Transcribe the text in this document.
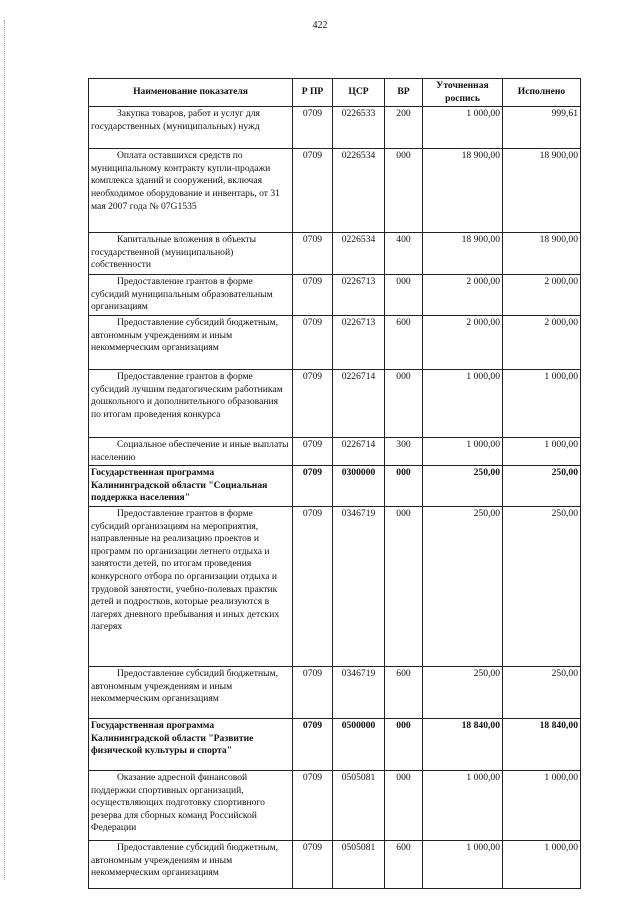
422
Наименование показателя	Р ПР	ЦСР	ВР	Уточненная роспись	Исполнено
Закупка товаров, работ и услуг для государственных (муниципальных) нужд	0709	0226533	200	1 000,00	999,61
Оплата оставшихся средств по муниципальному контракту купли-продажи комплекса зданий и сооружений, включая необходимое оборудование и инвентарь, от 31 мая 2007 года № 07G1535	0709	0226534	000	18 900,00	18 900,00
Капитальные вложения в объекты государственной (муниципальной) собственности	0709	0226534	400	18 900,00	18 900,00
Предоставление грантов в форме субсидий муниципальным образовательным организациям	0709	0226713	000	2 000,00	2 000,00
Предоставление субсидий бюджетным, автономным учреждениям и иным некоммерческим организациям	0709	0226713	600	2 000,00	2 000,00
Предоставление грантов в форме субсидий лучшим педагогическим работникам дошкольного и дополнительного образования по итогам проведения конкурса	0709	0226714	000	1 000,00	1 000,00
Социальное обеспечение и иные выплаты населению	0709	0226714	300	1 000,00	1 000,00
Государственная программа Калининградской области "Социальная поддержка населения"	0709	0300000	000	250,00	250,00
Предоставление грантов в форме субсидий организациям на мероприятия, направленные на реализацию проектов и программ по организации летнего отдыха и занятости детей, по итогам проведения конкурсного отбора по организации отдыха и трудовой занятости, учебно-полевых практик детей и подростков, которые реализуются в лагерях дневного пребывания и иных детских лагерях	0709	0346719	000	250,00	250,00
Предоставление субсидий бюджетным, автономным учреждениям и иным некоммерческим организациям	0709	0346719	600	250,00	250,00
Государственная программа Калининградской области "Развитие физической культуры и спорта"	0709	0500000	000	18 840,00	18 840,00
Оказание адресной финансовой поддержки спортивных организаций, осуществляющих подготовку спортивного резерва для сборных команд Российской Федерации	0709	0505081	000	1 000,00	1 000,00
Предоставление субсидий бюджетным, автономным учреждениям и иным некоммерческим организациям	0709	0505081	600	1 000,00	1 000,00
